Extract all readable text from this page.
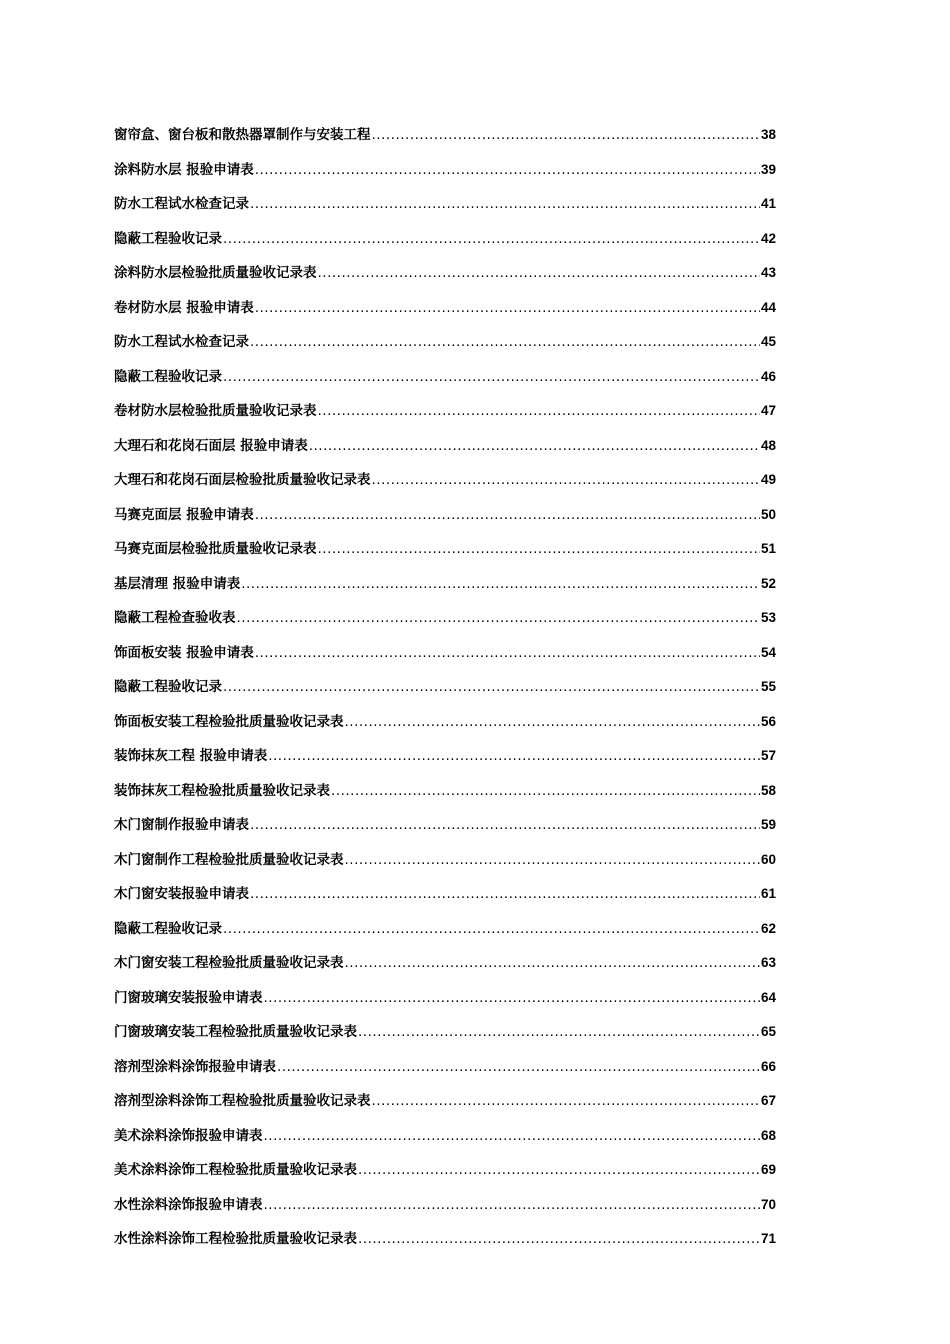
窗帘盒、窗台板和散热器罩制作与安装工程 .....	38
涂料防水层 报验申请表 .....	39
防水工程试水检查记录 .....	41
隐蔽工程验收记录 .....	42
涂料防水层检验批质量验收记录表 .....	43
卷材防水层 报验申请表 .....	44
防水工程试水检查记录 .....	45
隐蔽工程验收记录 .....	46
卷材防水层检验批质量验收记录表 .....	47
大理石和花岗石面层 报验申请表 .....	48
大理石和花岗石面层检验批质量验收记录表 .....	49
马赛克面层 报验申请表 .....	50
马赛克面层检验批质量验收记录表 .....	51
基层清理 报验申请表 .....	52
隐蔽工程检查验收表 .....	53
饰面板安装 报验申请表 .....	54
隐蔽工程验收记录 .....	55
饰面板安装工程检验批质量验收记录表 .....	56
装饰抹灰工程 报验申请表 .....	57
装饰抹灰工程检验批质量验收记录表 .....	58
木门窗制作报验申请表 .....	59
木门窗制作工程检验批质量验收记录表 .....	60
木门窗安装报验申请表 .....	61
隐蔽工程验收记录 .....	62
木门窗安装工程检验批质量验收记录表 .....	63
门窗玻璃安装报验申请表 .....	64
门窗玻璃安装工程检验批质量验收记录表 .....	65
溶剂型涂料涂饰报验申请表 .....	66
溶剂型涂料涂饰工程检验批质量验收记录表 .....	67
美术涂料涂饰报验申请表 .....	68
美术涂料涂饰工程检验批质量验收记录表 .....	69
水性涂料涂饰报验申请表 .....	70
水性涂料涂饰工程检验批质量验收记录表 .....	71
